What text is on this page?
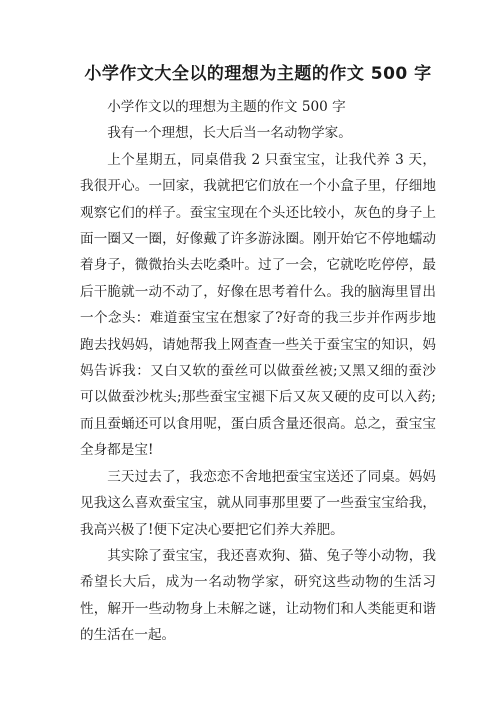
小学作文大全以的理想为主题的作文 500 字

小学作文以的理想为主题的作文 500 字

我有一个理想，长大后当一名动物学家。

上个星期五，同桌借我 2 只蚕宝宝，让我代养 3 天，我很开心。一回家，我就把它们放在一个小盒子里，仔细地观察它们的样子。蚕宝宝现在个头还比较小，灰色的身子上面一圈又一圈，好像戴了许多游泳圈。刚开始它不停地蠕动着身子，微微抬头去吃桑叶。过了一会，它就吃吃停停，最后干脆就一动不动了，好像在思考着什么。我的脑海里冒出一个念头：难道蚕宝宝在想家了?好奇的我三步并作两步地跑去找妈妈，请她帮我上网查查一些关于蚕宝宝的知识，妈妈告诉我：又白又软的蚕丝可以做蚕丝被;又黑又细的蚕沙可以做蚕沙枕头;那些蚕宝宝褪下后又灰又硬的皮可以入药;而且蚕蛹还可以食用呢，蛋白质含量还很高。总之，蚕宝宝全身都是宝!

三天过去了，我恋恋不舍地把蚕宝宝送还了同桌。妈妈见我这么喜欢蚕宝宝，就从同事那里要了一些蚕宝宝给我，我高兴极了!便下定决心要把它们养大养肥。

其实除了蚕宝宝，我还喜欢狗、猫、兔子等小动物，我希望长大后，成为一名动物学家，研究这些动物的生活习性，解开一些动物身上未解之谜，让动物们和人类能更和谐的生活在一起。
